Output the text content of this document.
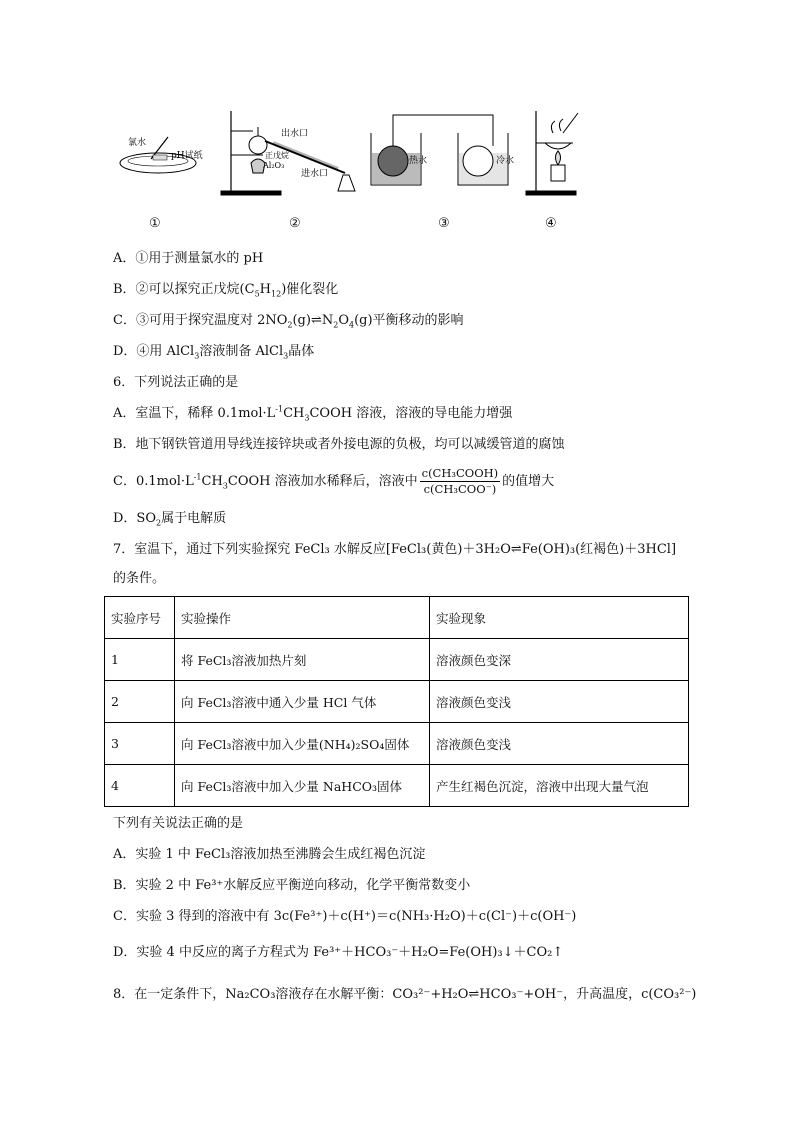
氯水
pH试纸
出水口
正戊烷
Al₂O₃
进水口
热水	冷水
①	②	③	④
A．①用于测量氯水的 pH
B．②可以探究正戊烷$(C_5H_{12})$催化裂化
C．③可用于探究温度对 $2NO_2(g)\rightleftharpoons N_2O_4(g)$平衡移动的影响
D．④用 AlCl$_3$溶液制备 AlCl$_3$晶体
6．下列说法正确的是
A．室温下，稀释 $0.1mol\cdot L^{-1}CH_3COOH$ 溶液，溶液的导电能力增强
B．地下钢铁管道用导线连接锌块或者外接电源的负极，均可以减缓管道的腐蚀
C．$0.1mol\cdot L^{-1}CH_3COOH$ 溶液加水稀释后，溶液中 $\frac{\text{c(CH₃COOH)}}{\text{c(CH₃COO⁻)}}$ 的值增大
D．$SO_2$属于电解质
7．室温下，通过下列实验探究 FeCl₃ 水解反应[FeCl₃(黄色)＋3H₂O⇌Fe(OH)₃(红褐色)＋3HCl]
的条件。
实验序号	实验操作	实验现象
1	将 FeCl₃溶液加热片刻	溶液颜色变深
2	向 FeCl₃溶液中通入少量 HCl 气体	溶液颜色变浅
3	向 FeCl₃溶液中加入少量(NH₄)₂SO₄固体	溶液颜色变浅
4	向 FeCl₃溶液中加入少量 NaHCO₃固体	产生红褐色沉淀，溶液中出现大量气泡
下列有关说法正确的是
A．实验 1 中 FeCl₃溶液加热至沸腾会生成红褐色沉淀
B．实验 2 中 Fe³⁺水解反应平衡逆向移动，化学平衡常数变小
C．实验 3 得到的溶液中有 3c(Fe³⁺)＋c(H⁺)＝c(NH₃·H₂O)＋c(Cl⁻)＋c(OH⁻)
D．实验 4 中反应的离子方程式为 Fe³⁺＋HCO₃⁻＋H₂O=Fe(OH)₃↓＋CO₂↑
8．在一定条件下，Na₂CO₃溶液存在水解平衡：CO₃²⁻+H₂O⇌HCO₃⁻+OH⁻，升高温度，c(CO₃²⁻)
